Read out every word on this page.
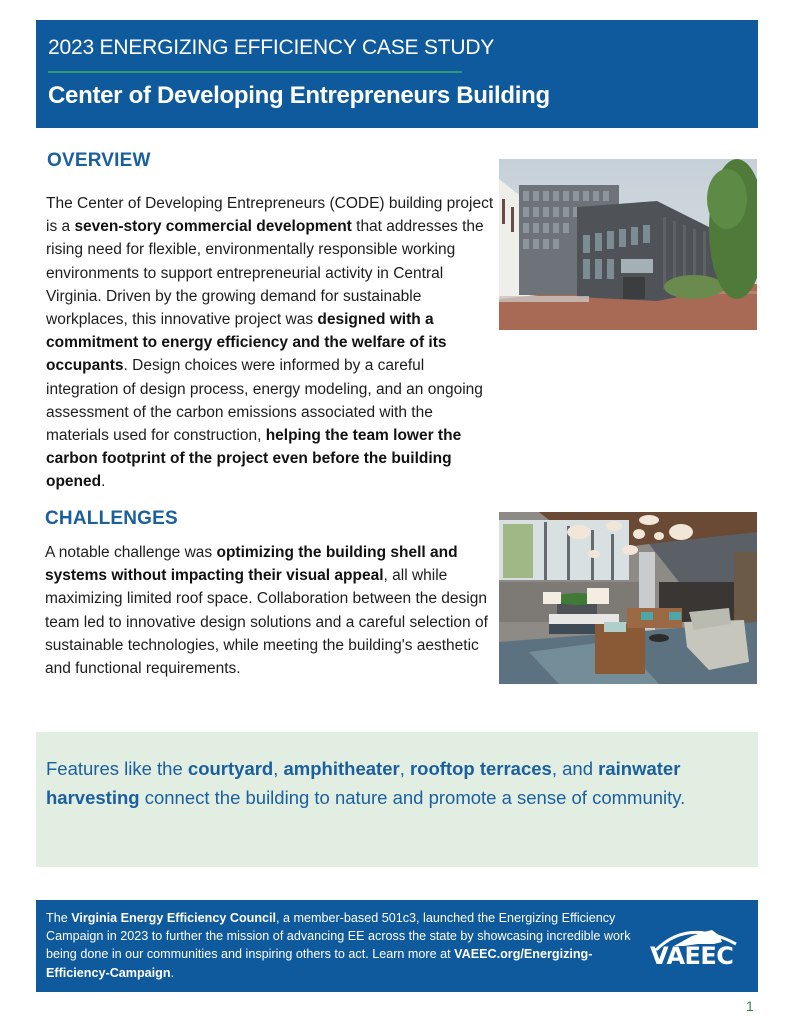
2023 ENERGIZING EFFICIENCY CASE STUDY
Center of Developing Entrepreneurs Building
OVERVIEW
The Center of Developing Entrepreneurs (CODE) building project is a seven-story commercial development that addresses the rising need for flexible, environmentally responsible working environments to support entrepreneurial activity in Central Virginia. Driven by the growing demand for sustainable workplaces, this innovative project was designed with a commitment to energy efficiency and the welfare of its occupants. Design choices were informed by a careful integration of design process, energy modeling, and an ongoing assessment of the carbon emissions associated with the materials used for construction, helping the team lower the carbon footprint of the project even before the building opened.
CHALLENGES
A notable challenge was optimizing the building shell and systems without impacting their visual appeal, all while maximizing limited roof space. Collaboration between the design team led to innovative design solutions and a careful selection of sustainable technologies, while meeting the building's aesthetic and functional requirements.
Features like the courtyard, amphitheater, rooftop terraces, and rainwater harvesting connect the building to nature and promote a sense of community.
The Virginia Energy Efficiency Council, a member-based 501c3, launched the Energizing Efficiency Campaign in 2023 to further the mission of advancing EE across the state by showcasing incredible work being done in our communities and inspiring others to act. Learn more at VAEEC.org/Energizing-Efficiency-Campaign.
VAEEC
1
